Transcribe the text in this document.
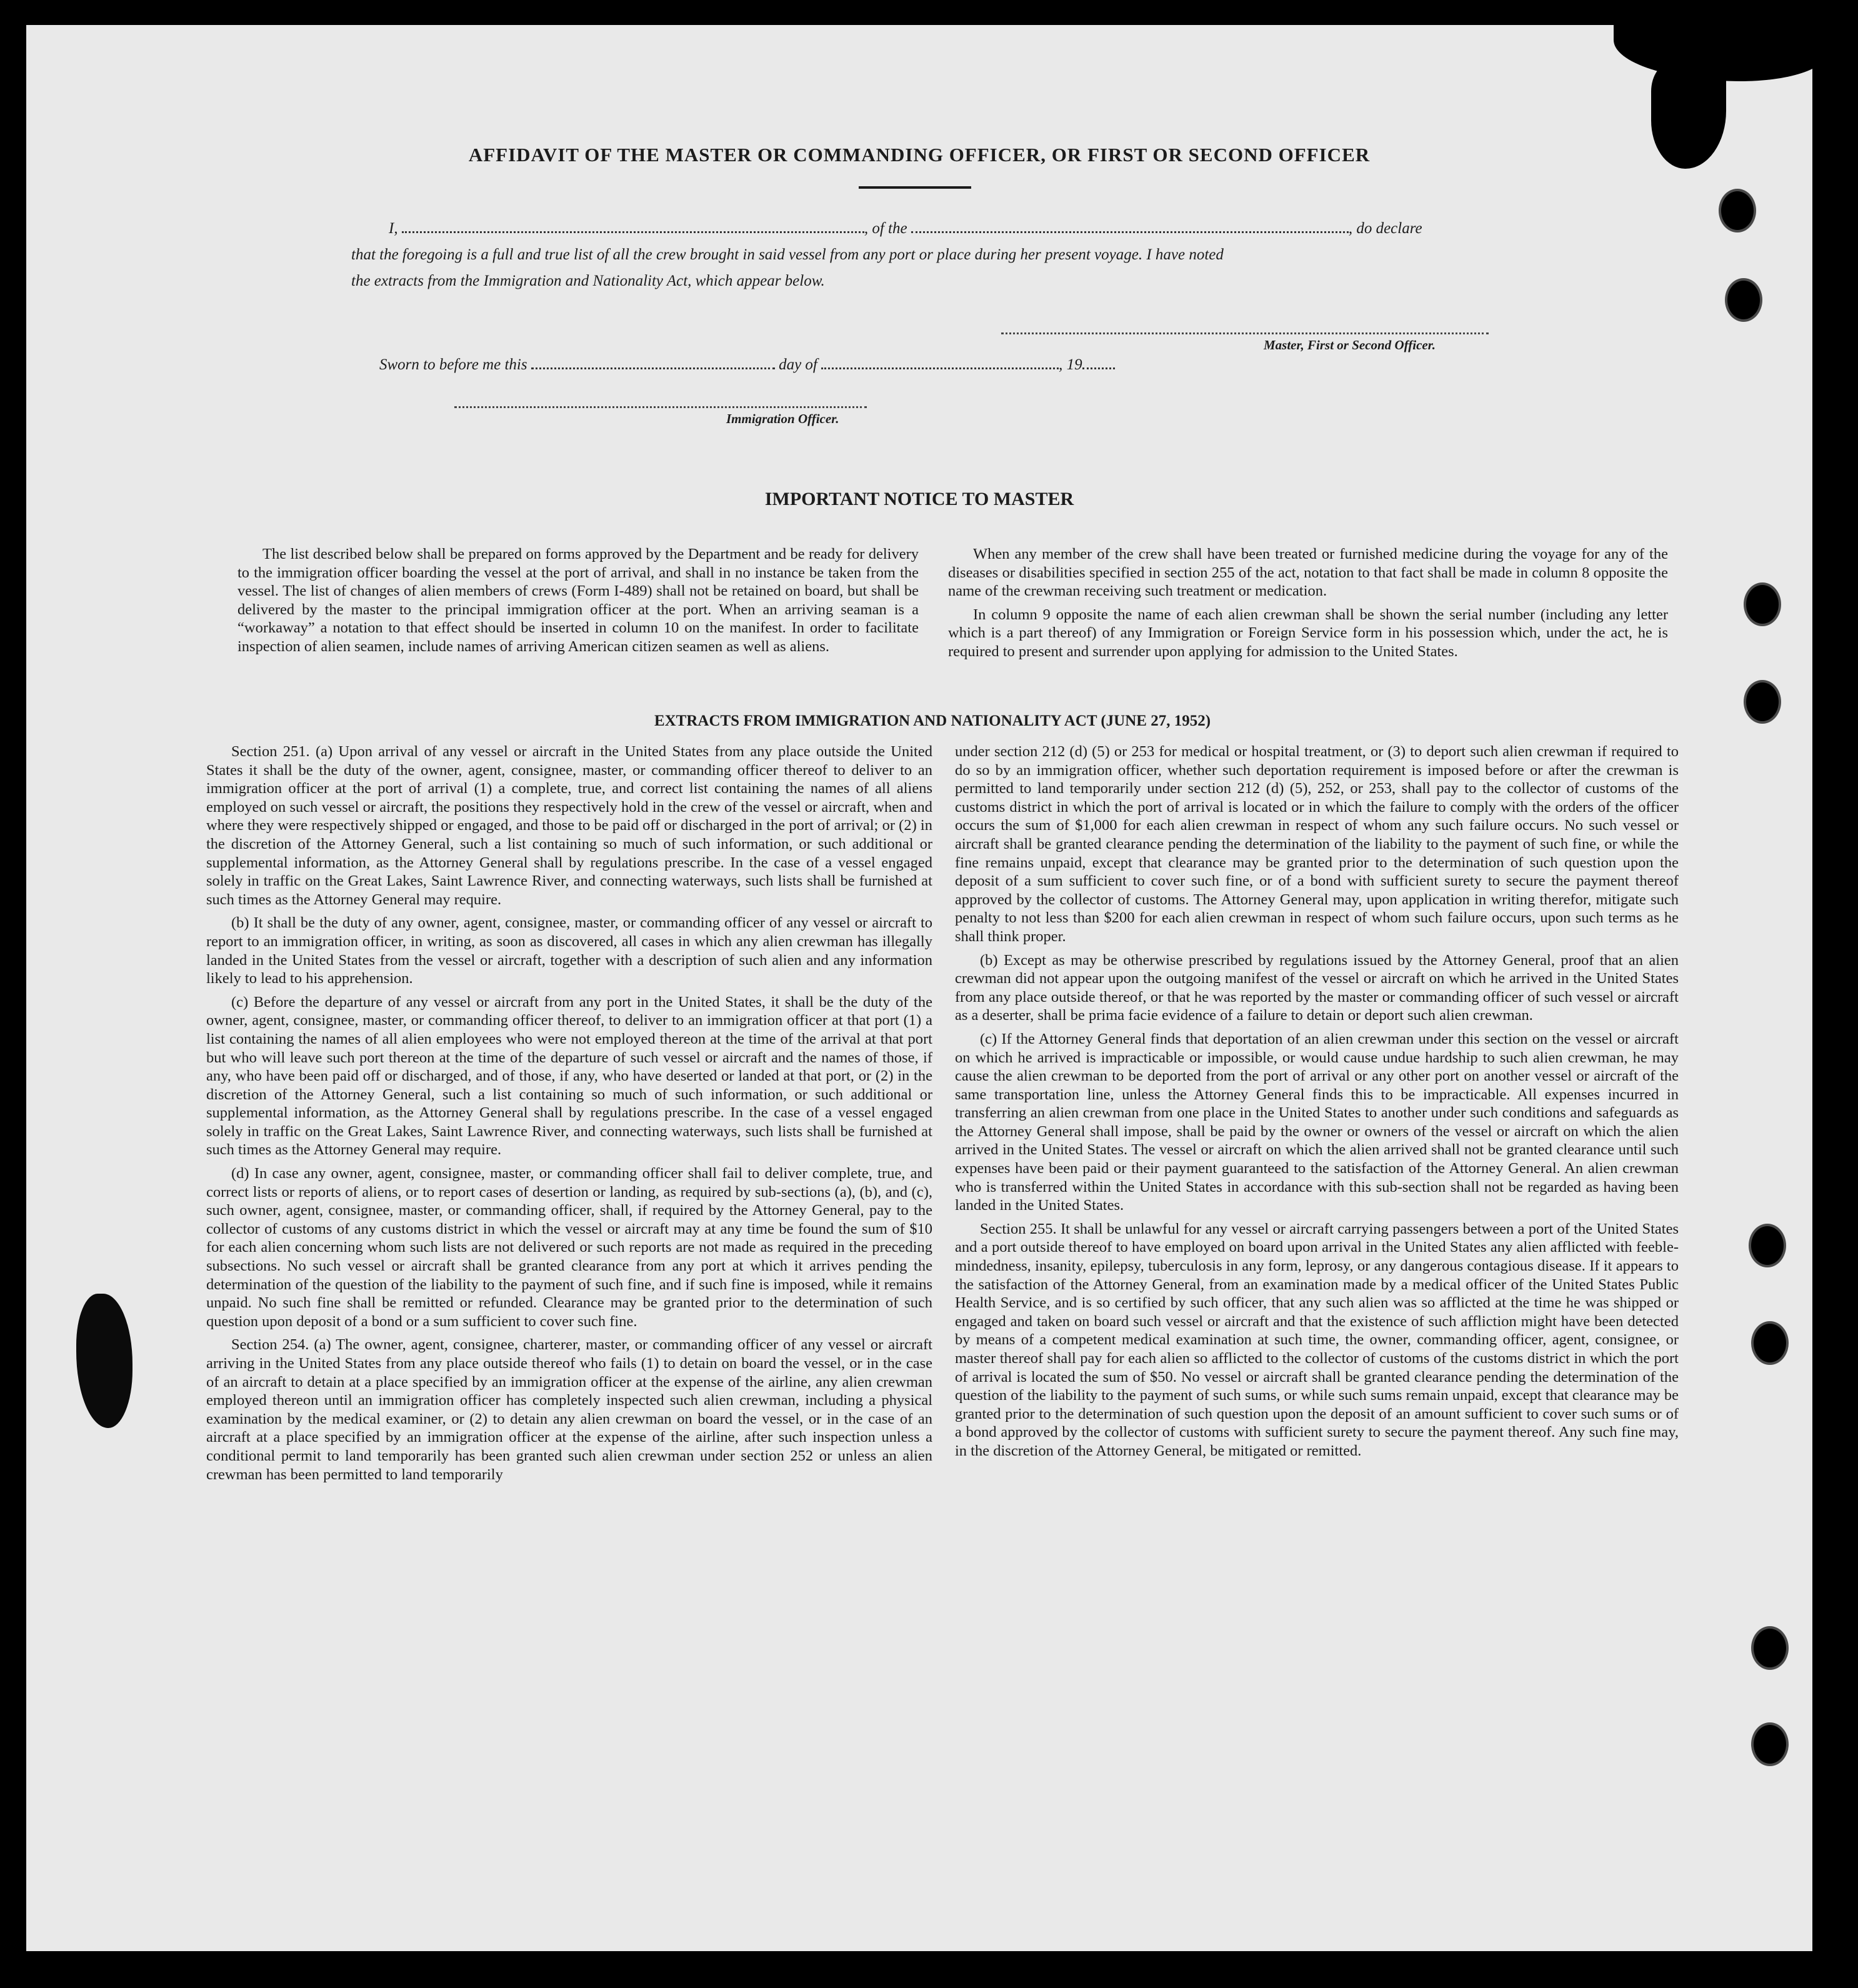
AFFIDAVIT OF THE MASTER OR COMMANDING OFFICER, OR FIRST OR SECOND OFFICER
I,	, of the	, do declare
that the foregoing is a full and true list of all the crew brought in said vessel from any port or place during her present voyage. I have noted
the extracts from the Immigration and Nationality Act, which appear below.
Master, First or Second Officer.
Sworn to before me this	day of	, 19
Immigration Officer.
IMPORTANT NOTICE TO MASTER

The list described below shall be prepared on forms approved by the Department and be ready for delivery to the immigration officer boarding the vessel at the port of arrival, and shall in no instance be taken from the vessel. The list of changes of alien members of crews (Form I-489) shall not be retained on board, but shall be delivered by the master to the principal immigration officer at the port. When an arriving seaman is a “workaway” a notation to that effect should be inserted in column 10 on the manifest. In order to facilitate inspection of alien seamen, include names of arriving American citizen seamen as well as aliens.

When any member of the crew shall have been treated or furnished medicine during the voyage for any of the diseases or disabilities specified in section 255 of the act, notation to that fact shall be made in column 8 opposite the name of the crewman receiving such treatment or medication.

In column 9 opposite the name of each alien crewman shall be shown the serial number (including any letter which is a part thereof) of any Immigration or Foreign Service form in his possession which, under the act, he is required to present and surrender upon applying for admission to the United States.

EXTRACTS FROM IMMIGRATION AND NATIONALITY ACT (JUNE 27, 1952)

Section 251. (a) Upon arrival of any vessel or aircraft in the United States from any place outside the United States it shall be the duty of the owner, agent, consignee, master, or commanding officer thereof to deliver to an immigration officer at the port of arrival (1) a complete, true, and correct list containing the names of all aliens employed on such vessel or aircraft, the positions they respectively hold in the crew of the vessel or aircraft, when and where they were respectively shipped or engaged, and those to be paid off or discharged in the port of arrival; or (2) in the discretion of the Attorney General, such a list containing so much of such information, or such additional or supplemental information, as the Attorney General shall by regulations prescribe. In the case of a vessel engaged solely in traffic on the Great Lakes, Saint Lawrence River, and connecting waterways, such lists shall be furnished at such times as the Attorney General may require.

(b) It shall be the duty of any owner, agent, consignee, master, or commanding officer of any vessel or aircraft to report to an immigration officer, in writing, as soon as discovered, all cases in which any alien crewman has illegally landed in the United States from the vessel or aircraft, together with a description of such alien and any information likely to lead to his apprehension.

(c) Before the departure of any vessel or aircraft from any port in the United States, it shall be the duty of the owner, agent, consignee, master, or commanding officer thereof, to deliver to an immigration officer at that port (1) a list containing the names of all alien employees who were not employed thereon at the time of the arrival at that port but who will leave such port thereon at the time of the departure of such vessel or aircraft and the names of those, if any, who have been paid off or discharged, and of those, if any, who have deserted or landed at that port, or (2) in the discretion of the Attorney General, such a list containing so much of such information, or such additional or supplemental information, as the Attorney General shall by regulations prescribe. In the case of a vessel engaged solely in traffic on the Great Lakes, Saint Lawrence River, and connecting waterways, such lists shall be furnished at such times as the Attorney General may require.

(d) In case any owner, agent, consignee, master, or commanding officer shall fail to deliver complete, true, and correct lists or reports of aliens, or to report cases of desertion or landing, as required by sub-sections (a), (b), and (c), such owner, agent, consignee, master, or commanding officer, shall, if required by the Attorney General, pay to the collector of customs of any customs district in which the vessel or aircraft may at any time be found the sum of $10 for each alien concerning whom such lists are not delivered or such reports are not made as required in the preceding subsections. No such vessel or aircraft shall be granted clearance from any port at which it arrives pending the determination of the question of the liability to the payment of such fine, and if such fine is imposed, while it remains unpaid. No such fine shall be remitted or refunded. Clearance may be granted prior to the determination of such question upon deposit of a bond or a sum sufficient to cover such fine.

Section 254. (a) The owner, agent, consignee, charterer, master, or commanding officer of any vessel or aircraft arriving in the United States from any place outside thereof who fails (1) to detain on board the vessel, or in the case of an aircraft to detain at a place specified by an immigration officer at the expense of the airline, any alien crewman employed thereon until an immigration officer has completely inspected such alien crewman, including a physical examination by the medical examiner, or (2) to detain any alien crewman on board the vessel, or in the case of an aircraft at a place specified by an immigration officer at the expense of the airline, after such inspection unless a conditional permit to land temporarily has been granted such alien crewman under section 252 or unless an alien crewman has been permitted to land temporarily

under section 212 (d) (5) or 253 for medical or hospital treatment, or (3) to deport such alien crewman if required to do so by an immigration officer, whether such deportation requirement is imposed before or after the crewman is permitted to land temporarily under section 212 (d) (5), 252, or 253, shall pay to the collector of customs of the customs district in which the port of arrival is located or in which the failure to comply with the orders of the officer occurs the sum of $1,000 for each alien crewman in respect of whom any such failure occurs. No such vessel or aircraft shall be granted clearance pending the determination of the liability to the payment of such fine, or while the fine remains unpaid, except that clearance may be granted prior to the determination of such question upon the deposit of a sum sufficient to cover such fine, or of a bond with sufficient surety to secure the payment thereof approved by the collector of customs. The Attorney General may, upon application in writing therefor, mitigate such penalty to not less than $200 for each alien crewman in respect of whom such failure occurs, upon such terms as he shall think proper.

(b) Except as may be otherwise prescribed by regulations issued by the Attorney General, proof that an alien crewman did not appear upon the outgoing manifest of the vessel or aircraft on which he arrived in the United States from any place outside thereof, or that he was reported by the master or commanding officer of such vessel or aircraft as a deserter, shall be prima facie evidence of a failure to detain or deport such alien crewman.

(c) If the Attorney General finds that deportation of an alien crewman under this section on the vessel or aircraft on which he arrived is impracticable or impossible, or would cause undue hardship to such alien crewman, he may cause the alien crewman to be deported from the port of arrival or any other port on another vessel or aircraft of the same transportation line, unless the Attorney General finds this to be impracticable. All expenses incurred in transferring an alien crewman from one place in the United States to another under such conditions and safeguards as the Attorney General shall impose, shall be paid by the owner or owners of the vessel or aircraft on which the alien arrived in the United States. The vessel or aircraft on which the alien arrived shall not be granted clearance until such expenses have been paid or their payment guaranteed to the satisfaction of the Attorney General. An alien crewman who is transferred within the United States in accordance with this sub-section shall not be regarded as having been landed in the United States.

Section 255. It shall be unlawful for any vessel or aircraft carrying passengers between a port of the United States and a port outside thereof to have employed on board upon arrival in the United States any alien afflicted with feeble-mindedness, insanity, epilepsy, tuberculosis in any form, leprosy, or any dangerous contagious disease. If it appears to the satisfaction of the Attorney General, from an examination made by a medical officer of the United States Public Health Service, and is so certified by such officer, that any such alien was so afflicted at the time he was shipped or engaged and taken on board such vessel or aircraft and that the existence of such affliction might have been detected by means of a competent medical examination at such time, the owner, commanding officer, agent, consignee, or master thereof shall pay for each alien so afflicted to the collector of customs of the customs district in which the port of arrival is located the sum of $50. No vessel or aircraft shall be granted clearance pending the determination of the question of the liability to the payment of such sums, or while such sums remain unpaid, except that clearance may be granted prior to the determination of such question upon the deposit of an amount sufficient to cover such sums or of a bond approved by the collector of customs with sufficient surety to secure the payment thereof. Any such fine may, in the discretion of the Attorney General, be mitigated or remitted.
